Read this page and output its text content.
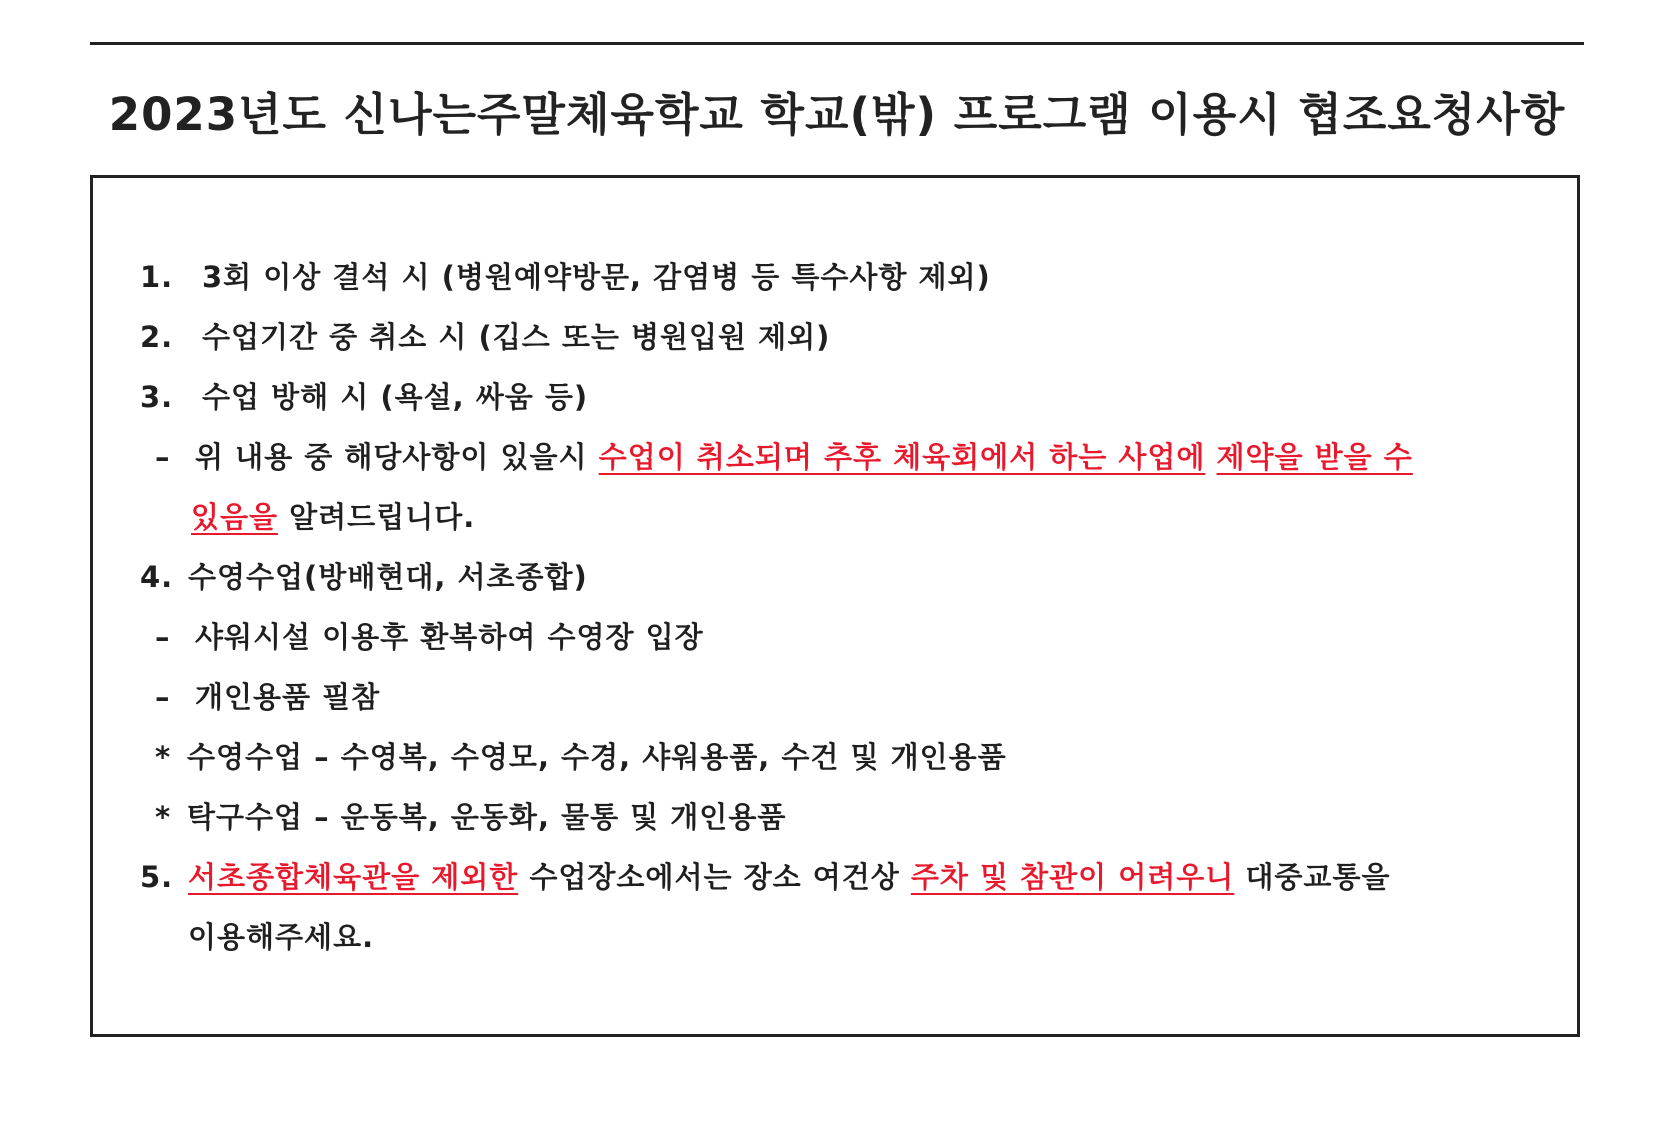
2023년도 신나는주말체육학교 학교(밖) 프로그램 이용시 협조요청사항
1. 3회 이상 결석 시 (병원예약방문, 감염병 등 특수사항 제외)
2. 수업기간 중 취소 시 (깁스 또는 병원입원 제외)
3. 수업 방해 시 (욕설, 싸움 등)
– 위 내용 중 해당사항이 있을시 수업이 취소되며 추후 체육회에서 하는 사업에 제약을 받을 수
있음을 알려드립니다.
4. 수영수업(방배현대, 서초종합)
– 샤워시설 이용후 환복하여 수영장 입장
– 개인용품 필참
* 수영수업 – 수영복, 수영모, 수경, 샤워용품, 수건 및 개인용품
* 탁구수업 – 운동복, 운동화, 물통 및 개인용품
5. 서초종합체육관을 제외한 수업장소에서는 장소 여건상 주차 및 참관이 어려우니 대중교통을
이용해주세요.
